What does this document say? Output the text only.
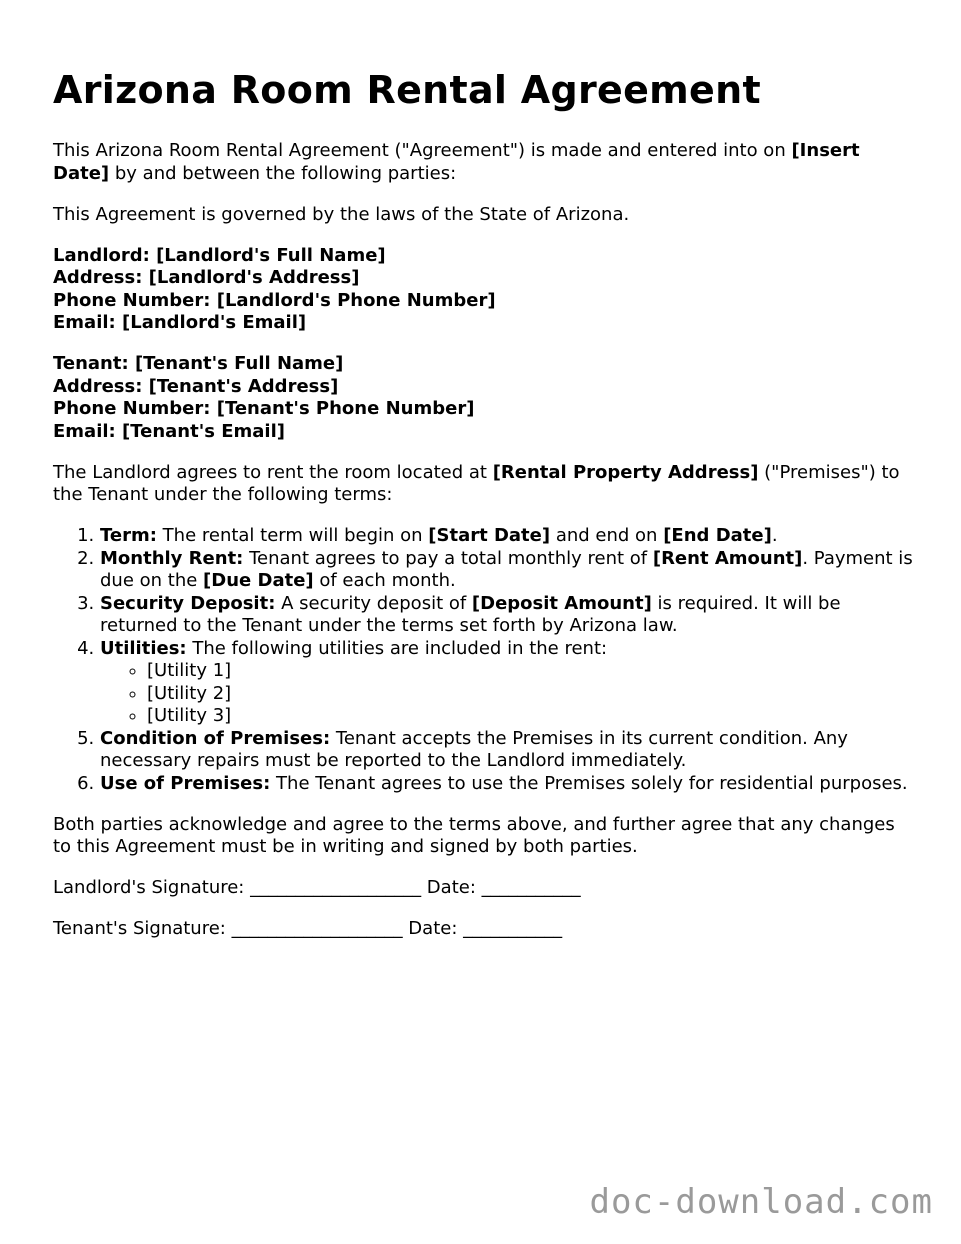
Arizona Room Rental Agreement

This Arizona Room Rental Agreement ("Agreement") is made and entered into on [Insert Date] by and between the following parties:

This Agreement is governed by the laws of the State of Arizona.

Landlord: [Landlord's Full Name]
Address: [Landlord's Address]
Phone Number: [Landlord's Phone Number]
Email: [Landlord's Email]
Tenant: [Tenant's Full Name]
Address: [Tenant's Address]
Phone Number: [Tenant's Phone Number]
Email: [Tenant's Email]

The Landlord agrees to rent the room located at [Rental Property Address] ("Premises") to the Tenant under the following terms:

1. Term: The rental term will begin on [Start Date] and end on [End Date].
2. Monthly Rent: Tenant agrees to pay a total monthly rent of [Rent Amount]. Payment is due on the [Due Date] of each month.
3. Security Deposit: A security deposit of [Deposit Amount] is required. It will be returned to the Tenant under the terms set forth by Arizona law.
4. Utilities: The following utilities are included in the rent:
◦ [Utility 1]
◦ [Utility 2]
◦ [Utility 3]
5. Condition of Premises: Tenant accepts the Premises in its current condition. Any necessary repairs must be reported to the Landlord immediately.
6. Use of Premises: The Tenant agrees to use the Premises solely for residential purposes.

Both parties acknowledge and agree to the terms above, and further agree that any changes to this Agreement must be in writing and signed by both parties.

Landlord's Signature: ___________________ Date: ___________

Tenant's Signature: ___________________ Date: ___________

doc-download.com
